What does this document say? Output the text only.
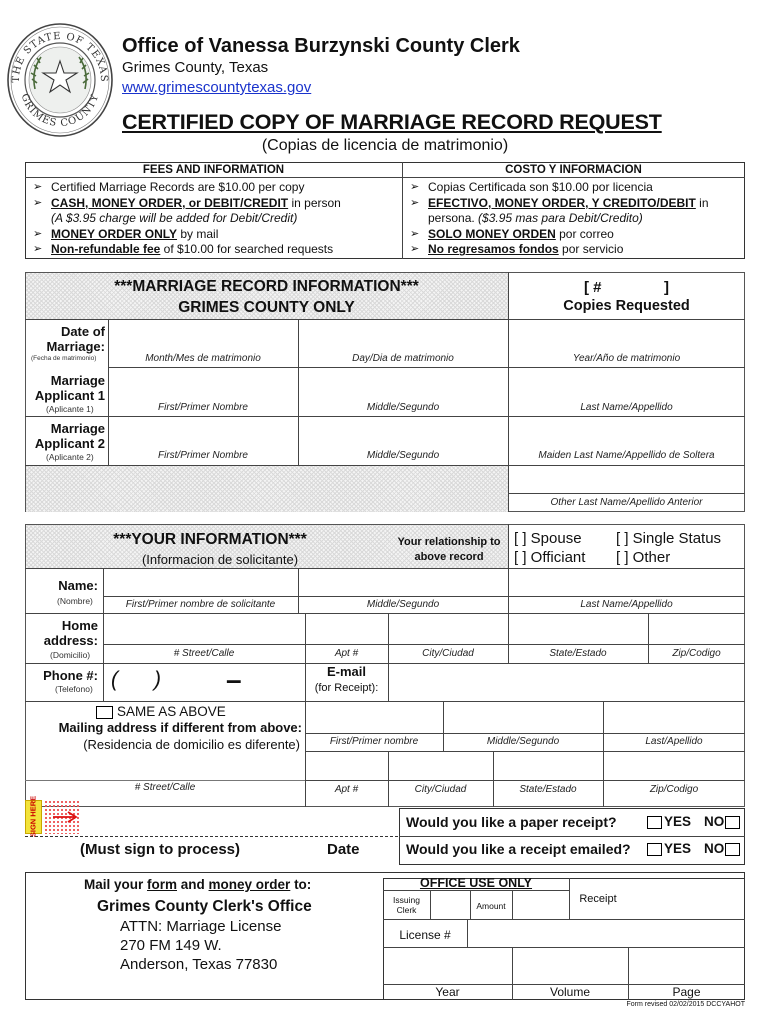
THE STATE OF TEXAS
GRIMES COUNTY
Office of Vanessa Burzynski County Clerk
Grimes County, Texas
www.grimescountytexas.gov
CERTIFIED COPY OF MARRIAGE RECORD REQUEST
(Copias de licencia de matrimonio)
FEES AND INFORMATION	COSTO Y INFORMACION
➢ Certified Marriage Records are $10.00 per copy
➢ CASH, MONEY ORDER, or DEBIT/CREDIT in person
(A $3.95 charge will be added for Debit/Credit)
➢ MONEY ORDER ONLY by mail
➢ Non-refundable fee of $10.00 for searched requests
➢ Copias Certificada son $10.00 por licencia
➢ EFECTIVO, MONEY ORDER, Y CREDITO/DEBIT in
persona. ($3.95 mas para Debit/Credito)
➢ SOLO MONEY ORDEN por correo
➢ No regresamos fondos por servicio
***MARRIAGE RECORD INFORMATION***
GRIMES COUNTY ONLY
[ #               ]
Copies Requested
Date of Marriage:
(Fecha de matrimonio)	Month/Mes de matrimonio	Day/Dia de matrimonio	Year/Año de matrimonio
Marriage Applicant 1
(Aplicante 1)	First/Primer Nombre	Middle/Segundo	Last Name/Appellido
Marriage Applicant 2
(Aplicante 2)	First/Primer Nombre	Middle/Segundo	Maiden Last Name/Appellido de Soltera
Other Last Name/Apellido Anterior
***YOUR INFORMATION***
(Informacion de solicitante)
Your relationship to above record
[ ] Spouse [ ] Single Status
[ ] Officiant [ ] Other
Name:
(Nombre)	First/Primer nombre de solicitante	Middle/Segundo	Last Name/Appellido
Home address:
(Domicilio)	# Street/Calle	Apt #	City/Ciudad	State/Estado	Zip/Codigo
Phone #:
(Telefono) ( ) –	E-mail
(for Receipt):
SAME AS ABOVE
Mailing address if different from above:
(Residencia de domicilio es diferente)	First/Primer nombre	Middle/Segundo	Last/Apellido
# Street/Calle	Apt #	City/Ciudad	State/Estado	Zip/Codigo
SIGN HERE
(Must sign to process)	Date
Would you like a paper receipt?	YES NO
Would you like a receipt emailed? YES NO
Mail your form and money order to:
Grimes County Clerk's Office
ATTN: Marriage License
270 FM 149 W.
Anderson, Texas 77830
OFFICE USE ONLY
Issuing Clerk	Amount
Receipt
License #
Year	Volume	Page
Form revised 02/02/2015 DCCYAHOT
